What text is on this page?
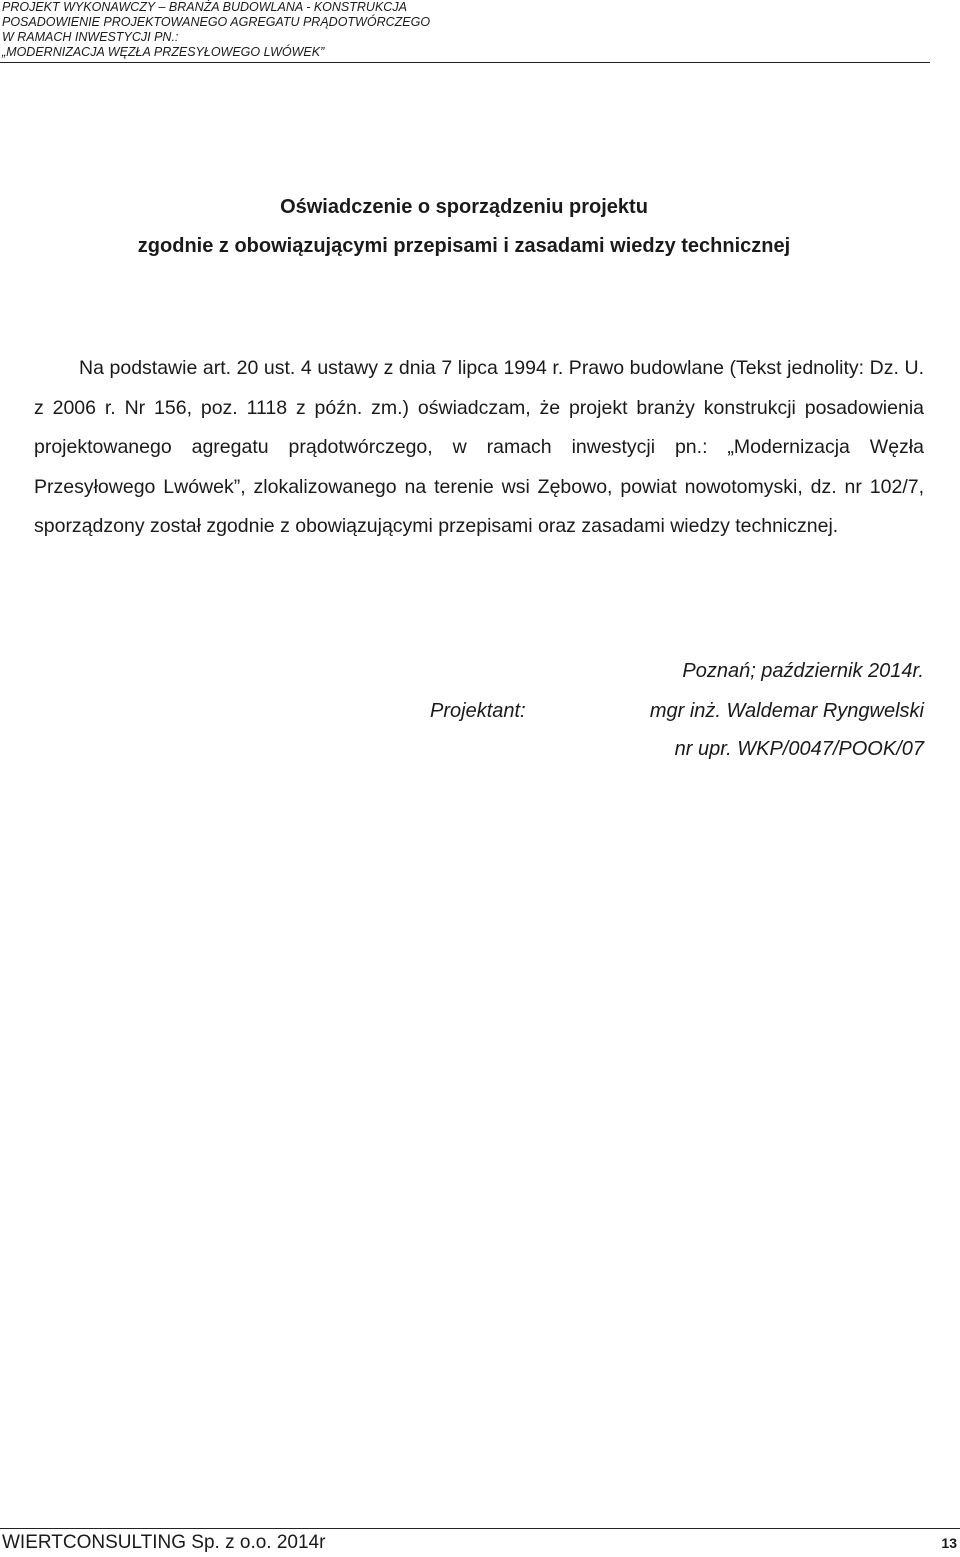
PROJEKT WYKONAWCZY – BRANŻA BUDOWLANA - KONSTRUKCJA
POSADOWIENIE PROJEKTOWANEGO AGREGATU PRĄDOTWÓRCZEGO
W RAMACH INWESTYCJI PN.:
„MODERNIZACJA WĘZŁA PRZESYŁOWEGO LWÓWEK”
Oświadczenie o sporządzeniu projektu
zgodnie z obowiązującymi przepisami i zasadami wiedzy technicznej
Na podstawie art. 20 ust. 4 ustawy z dnia 7 lipca 1994 r. Prawo budowlane (Tekst jednolity: Dz. U. z 2006 r. Nr 156, poz. 1118 z późn. zm.) oświadczam, że projekt branży konstrukcji posadowienia projektowanego agregatu prądotwórczego, w ramach inwestycji pn.: „Modernizacja Węzła Przesyłowego Lwówek”, zlokalizowanego na terenie wsi Zębowo, powiat nowotomyski, dz. nr 102/7, sporządzony został zgodnie z obowiązującymi przepisami oraz zasadami wiedzy technicznej.
Poznań; październik 2014r.
Projektant:	mgr inż. Waldemar Ryngwelski
nr upr. WKP/0047/POOK/07
WIERTCONSULTING Sp. z o.o. 2014r	13
